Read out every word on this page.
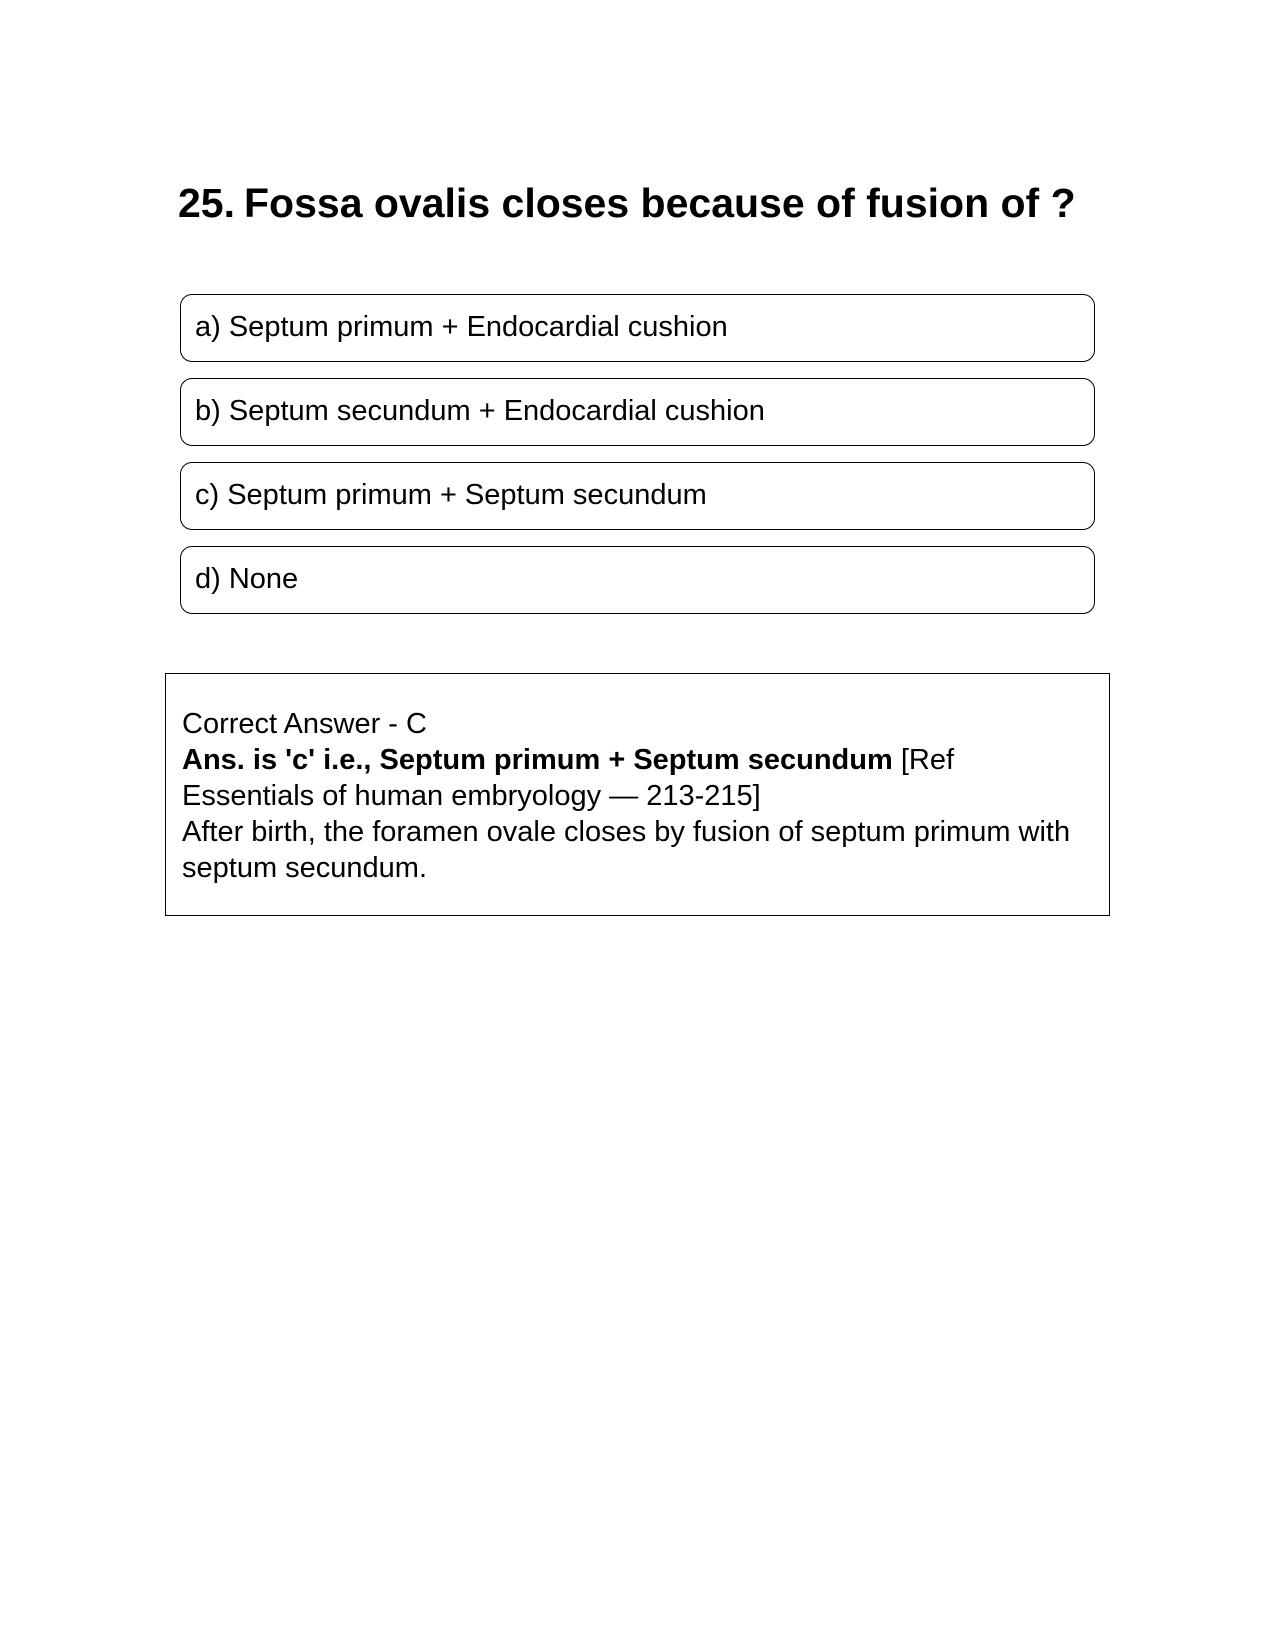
25. Fossa ovalis closes because of fusion of ?
a) Septum primum + Endocardial cushion
b) Septum secundum + Endocardial cushion
c) Septum primum + Septum secundum
d) None

Correct Answer - C

Ans. is 'c' i.e., Septum primum + Septum secundum [Ref Essentials of human embryology — 213-215]

After birth, the foramen ovale closes by fusion of septum primum with septum secundum.
